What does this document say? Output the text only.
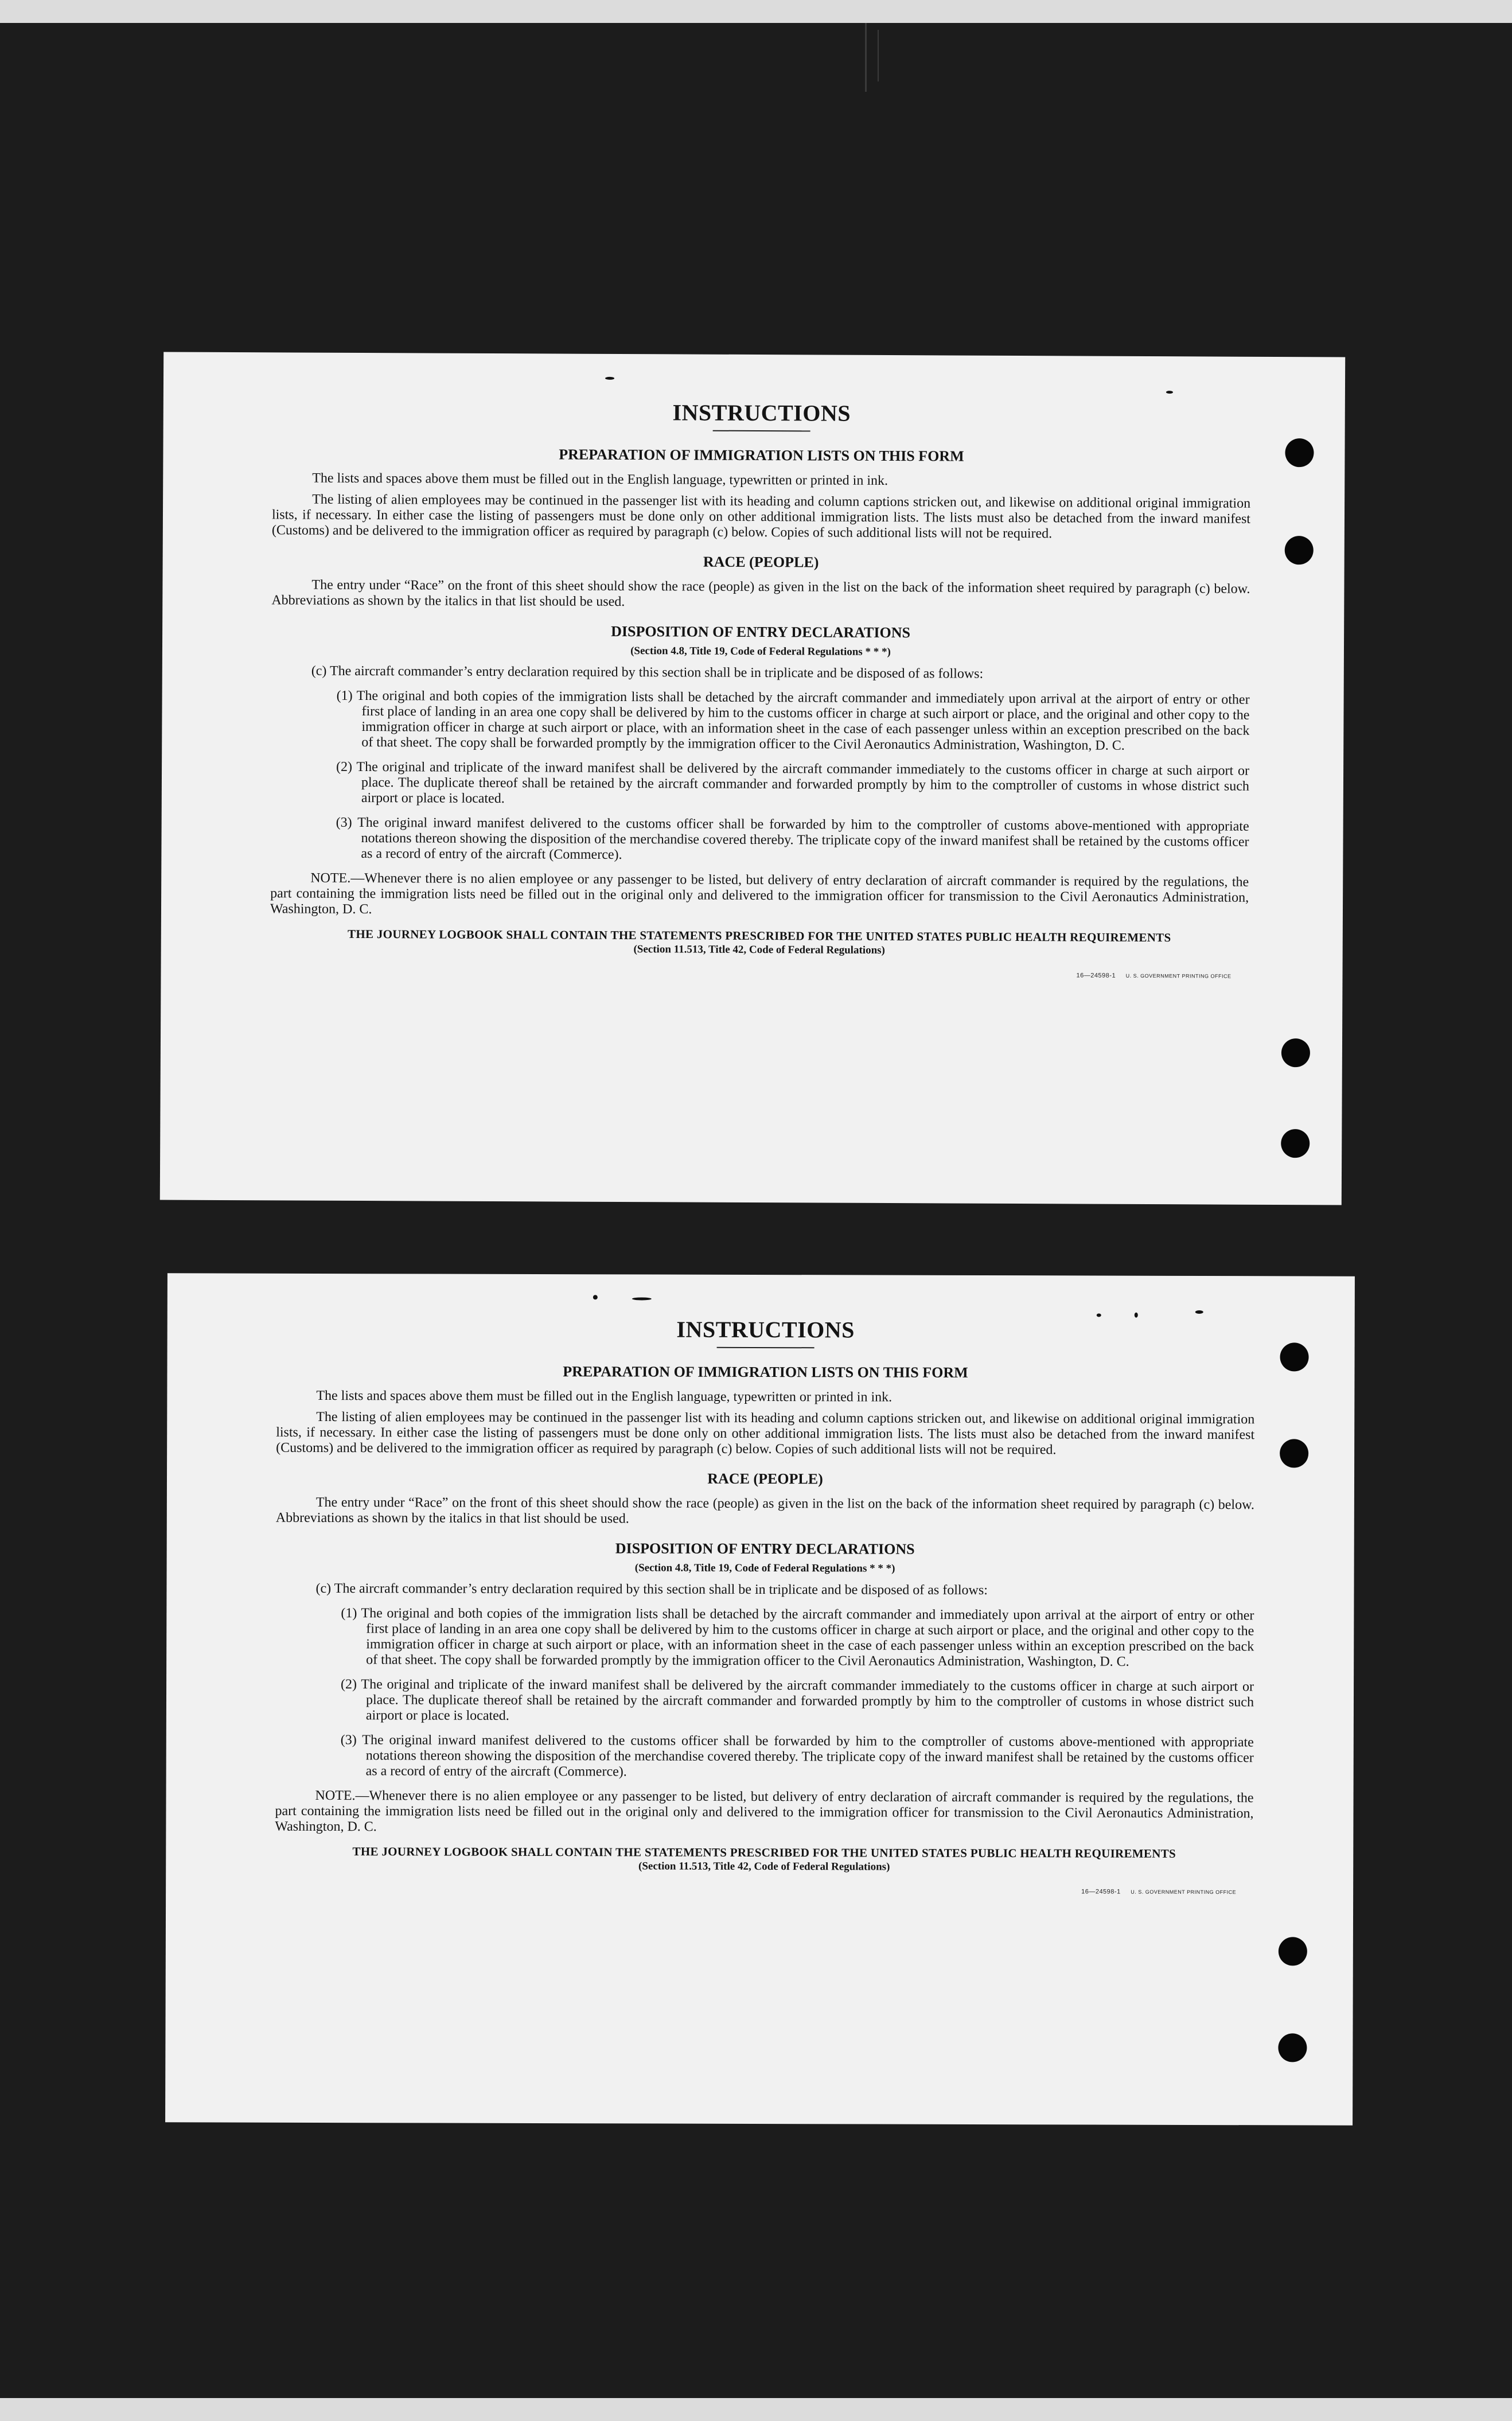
INSTRUCTIONS
PREPARATION OF IMMIGRATION LISTS ON THIS FORM

The lists and spaces above them must be filled out in the English language, typewritten or printed in ink.

The listing of alien employees may be continued in the passenger list with its heading and column captions stricken out, and likewise on additional original immigration lists, if necessary. In either case the listing of passengers must be done only on other additional immigration lists. The lists must also be detached from the inward manifest (Customs) and be delivered to the immigration officer as required by paragraph (c) below. Copies of such additional lists will not be required.

RACE (PEOPLE)

The entry under “Race” on the front of this sheet should show the race (people) as given in the list on the back of the information sheet required by paragraph (c) below. Abbreviations as shown by the italics in that list should be used.

DISPOSITION OF ENTRY DECLARATIONS

(Section 4.8, Title 19, Code of Federal Regulations * * *)

(c) The aircraft commander’s entry declaration required by this section shall be in triplicate and be disposed of as follows:

(1) The original and both copies of the immigration lists shall be detached by the aircraft commander and immediately upon arrival at the airport of entry or other first place of landing in an area one copy shall be delivered by him to the customs officer in charge at such airport or place, and the original and other copy to the immigration officer in charge at such airport or place, with an information sheet in the case of each passenger unless within an exception prescribed on the back of that sheet. The copy shall be forwarded promptly by the immigration officer to the Civil Aeronautics Administration, Washington, D. C.

(2) The original and triplicate of the inward manifest shall be delivered by the aircraft commander immediately to the customs officer in charge at such airport or place. The duplicate thereof shall be retained by the aircraft commander and forwarded promptly by him to the comptroller of customs in whose district such airport or place is located.

(3) The original inward manifest delivered to the customs officer shall be forwarded by him to the comptroller of customs above-mentioned with appropriate notations thereon showing the disposition of the merchandise covered thereby. The triplicate copy of the inward manifest shall be retained by the customs officer as a record of entry of the aircraft (Commerce).

NOTE.—Whenever there is no alien employee or any passenger to be listed, but delivery of entry declaration of aircraft commander is required by the regulations, the part containing the immigration lists need be filled out in the original only and delivered to the immigration officer for transmission to the Civil Aeronautics Administration, Washington, D. C.

THE JOURNEY LOGBOOK SHALL CONTAIN THE STATEMENTS PRESCRIBED FOR THE UNITED STATES PUBLIC HEALTH REQUIREMENTS

(Section 11.513, Title 42, Code of Federal Regulations)

16—24598-1 U. S. GOVERNMENT PRINTING OFFICE
INSTRUCTIONS
PREPARATION OF IMMIGRATION LISTS ON THIS FORM

The lists and spaces above them must be filled out in the English language, typewritten or printed in ink.

The listing of alien employees may be continued in the passenger list with its heading and column captions stricken out, and likewise on additional original immigration lists, if necessary. In either case the listing of passengers must be done only on other additional immigration lists. The lists must also be detached from the inward manifest (Customs) and be delivered to the immigration officer as required by paragraph (c) below. Copies of such additional lists will not be required.

RACE (PEOPLE)

The entry under “Race” on the front of this sheet should show the race (people) as given in the list on the back of the information sheet required by paragraph (c) below. Abbreviations as shown by the italics in that list should be used.

DISPOSITION OF ENTRY DECLARATIONS

(Section 4.8, Title 19, Code of Federal Regulations * * *)

(c) The aircraft commander’s entry declaration required by this section shall be in triplicate and be disposed of as follows:

(1) The original and both copies of the immigration lists shall be detached by the aircraft commander and immediately upon arrival at the airport of entry or other first place of landing in an area one copy shall be delivered by him to the customs officer in charge at such airport or place, and the original and other copy to the immigration officer in charge at such airport or place, with an information sheet in the case of each passenger unless within an exception prescribed on the back of that sheet. The copy shall be forwarded promptly by the immigration officer to the Civil Aeronautics Administration, Washington, D. C.

(2) The original and triplicate of the inward manifest shall be delivered by the aircraft commander immediately to the customs officer in charge at such airport or place. The duplicate thereof shall be retained by the aircraft commander and forwarded promptly by him to the comptroller of customs in whose district such airport or place is located.

(3) The original inward manifest delivered to the customs officer shall be forwarded by him to the comptroller of customs above-mentioned with appropriate notations thereon showing the disposition of the merchandise covered thereby. The triplicate copy of the inward manifest shall be retained by the customs officer as a record of entry of the aircraft (Commerce).

NOTE.—Whenever there is no alien employee or any passenger to be listed, but delivery of entry declaration of aircraft commander is required by the regulations, the part containing the immigration lists need be filled out in the original only and delivered to the immigration officer for transmission to the Civil Aeronautics Administration, Washington, D. C.

THE JOURNEY LOGBOOK SHALL CONTAIN THE STATEMENTS PRESCRIBED FOR THE UNITED STATES PUBLIC HEALTH REQUIREMENTS

(Section 11.513, Title 42, Code of Federal Regulations)

16—24598-1 U. S. GOVERNMENT PRINTING OFFICE
